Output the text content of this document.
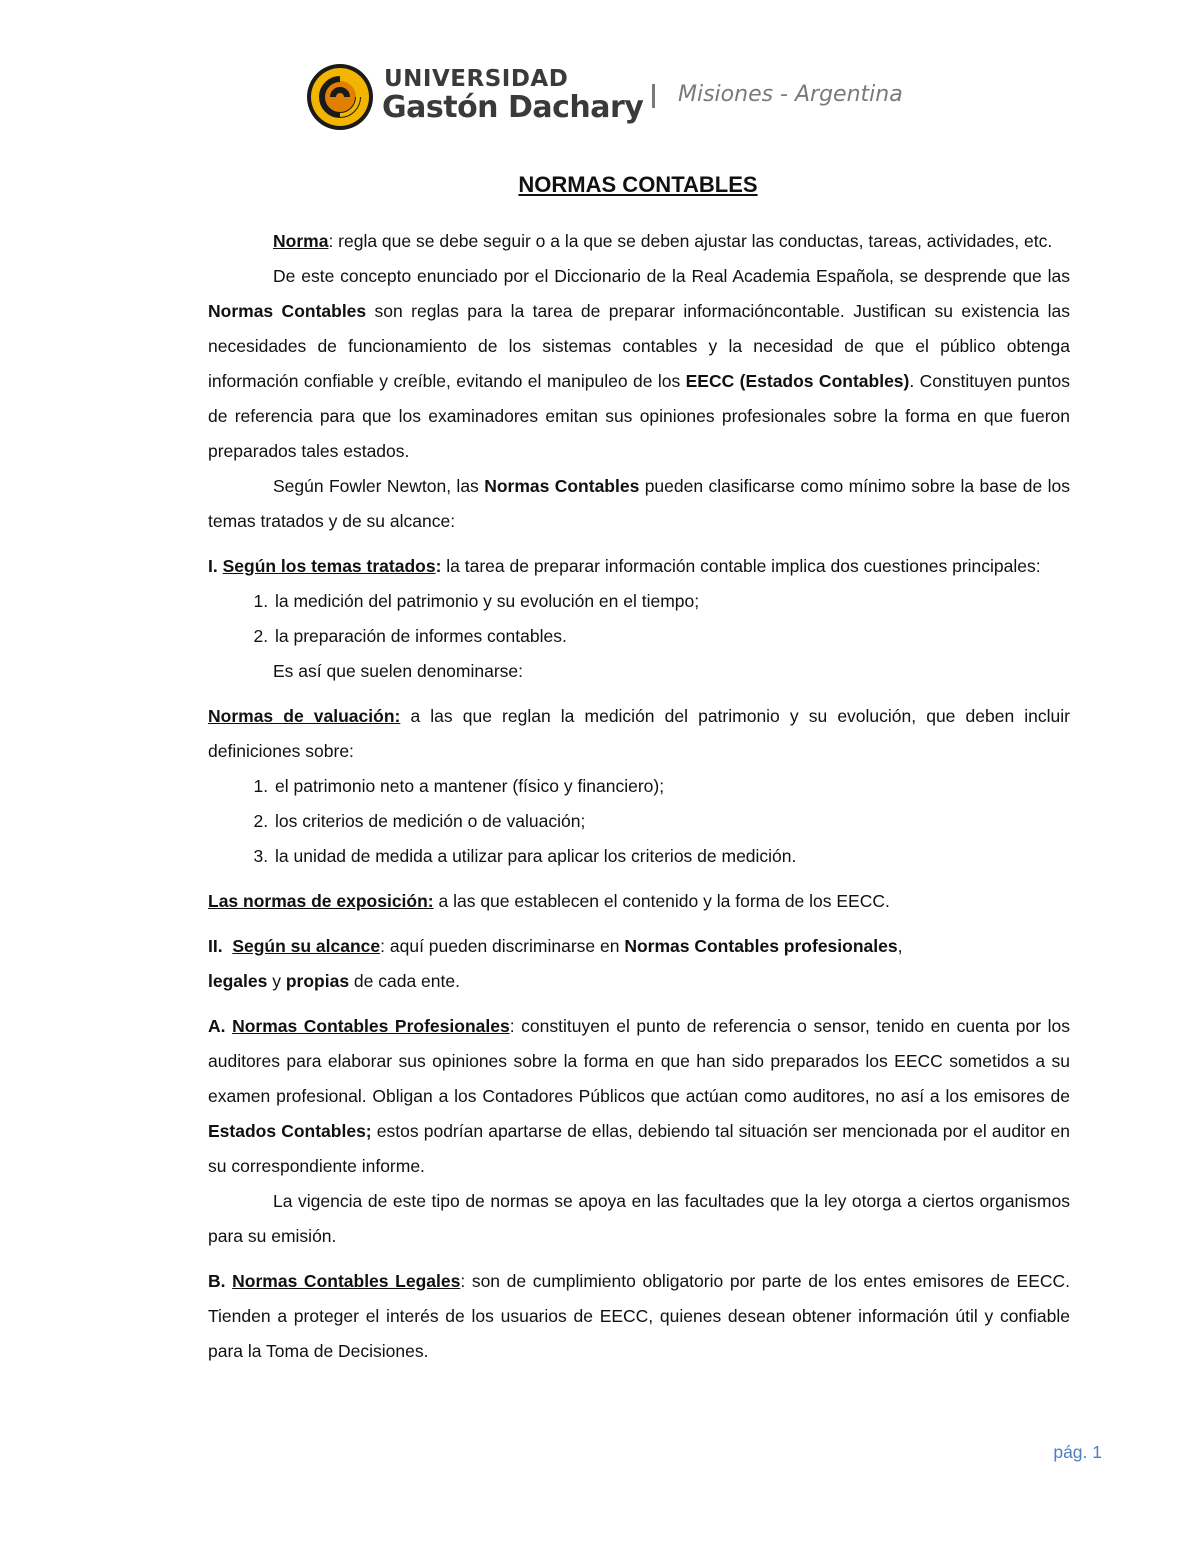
UNIVERSIDAD
Gastón Dachary Misiones - Argentina
NORMAS CONTABLES

Norma: regla que se debe seguir o a la que se deben ajustar las conductas, tareas, actividades, etc.

De este concepto enunciado por el Diccionario de la Real Academia Española, se desprende que las Normas Contables son reglas para la tarea de preparar informacióncontable. Justifican su existencia las necesidades de funcionamiento de los sistemas contables y la necesidad de que el público obtenga información confiable y creíble, evitando el manipuleo de los EECC (Estados Contables). Constituyen puntos de referencia para que los examinadores emitan sus opiniones profesionales sobre la forma en que fueron preparados tales estados.

Según Fowler Newton, las Normas Contables pueden clasificarse como mínimo sobre la base de los temas tratados y de su alcance:

I. Según los temas tratados: la tarea de preparar información contable implica dos cuestiones principales:

1. la medición del patrimonio y su evolución en el tiempo;
2. la preparación de informes contables.

Es así que suelen denominarse:

Normas de valuación: a las que reglan la medición del patrimonio y su evolución, que deben incluir definiciones sobre:

1. el patrimonio neto a mantener (físico y financiero);
2. los criterios de medición o de valuación;
3. la unidad de medida a utilizar para aplicar los criterios de medición.

Las normas de exposición: a las que establecen el contenido y la forma de los EECC.

II.  Según su alcance: aquí pueden discriminarse en Normas Contables profesionales,
legales y propias de cada ente.

A. Normas Contables Profesionales: constituyen el punto de referencia o sensor, tenido en cuenta por los auditores para elaborar sus opiniones sobre la forma en que han sido preparados los EECC sometidos a su examen profesional. Obligan a los Contadores Públicos que actúan como auditores, no así a los emisores de Estados Contables; estos podrían apartarse de ellas, debiendo tal situación ser mencionada por el auditor en su correspondiente informe.

La vigencia de este tipo de normas se apoya en las facultades que la ley otorga a ciertos organismos para su emisión.

B. Normas Contables Legales: son de cumplimiento obligatorio por parte de los entes emisores de EECC. Tienden a proteger el interés de los usuarios de EECC, quienes desean obtener información útil y confiable para la Toma de Decisiones.

pág. 1
